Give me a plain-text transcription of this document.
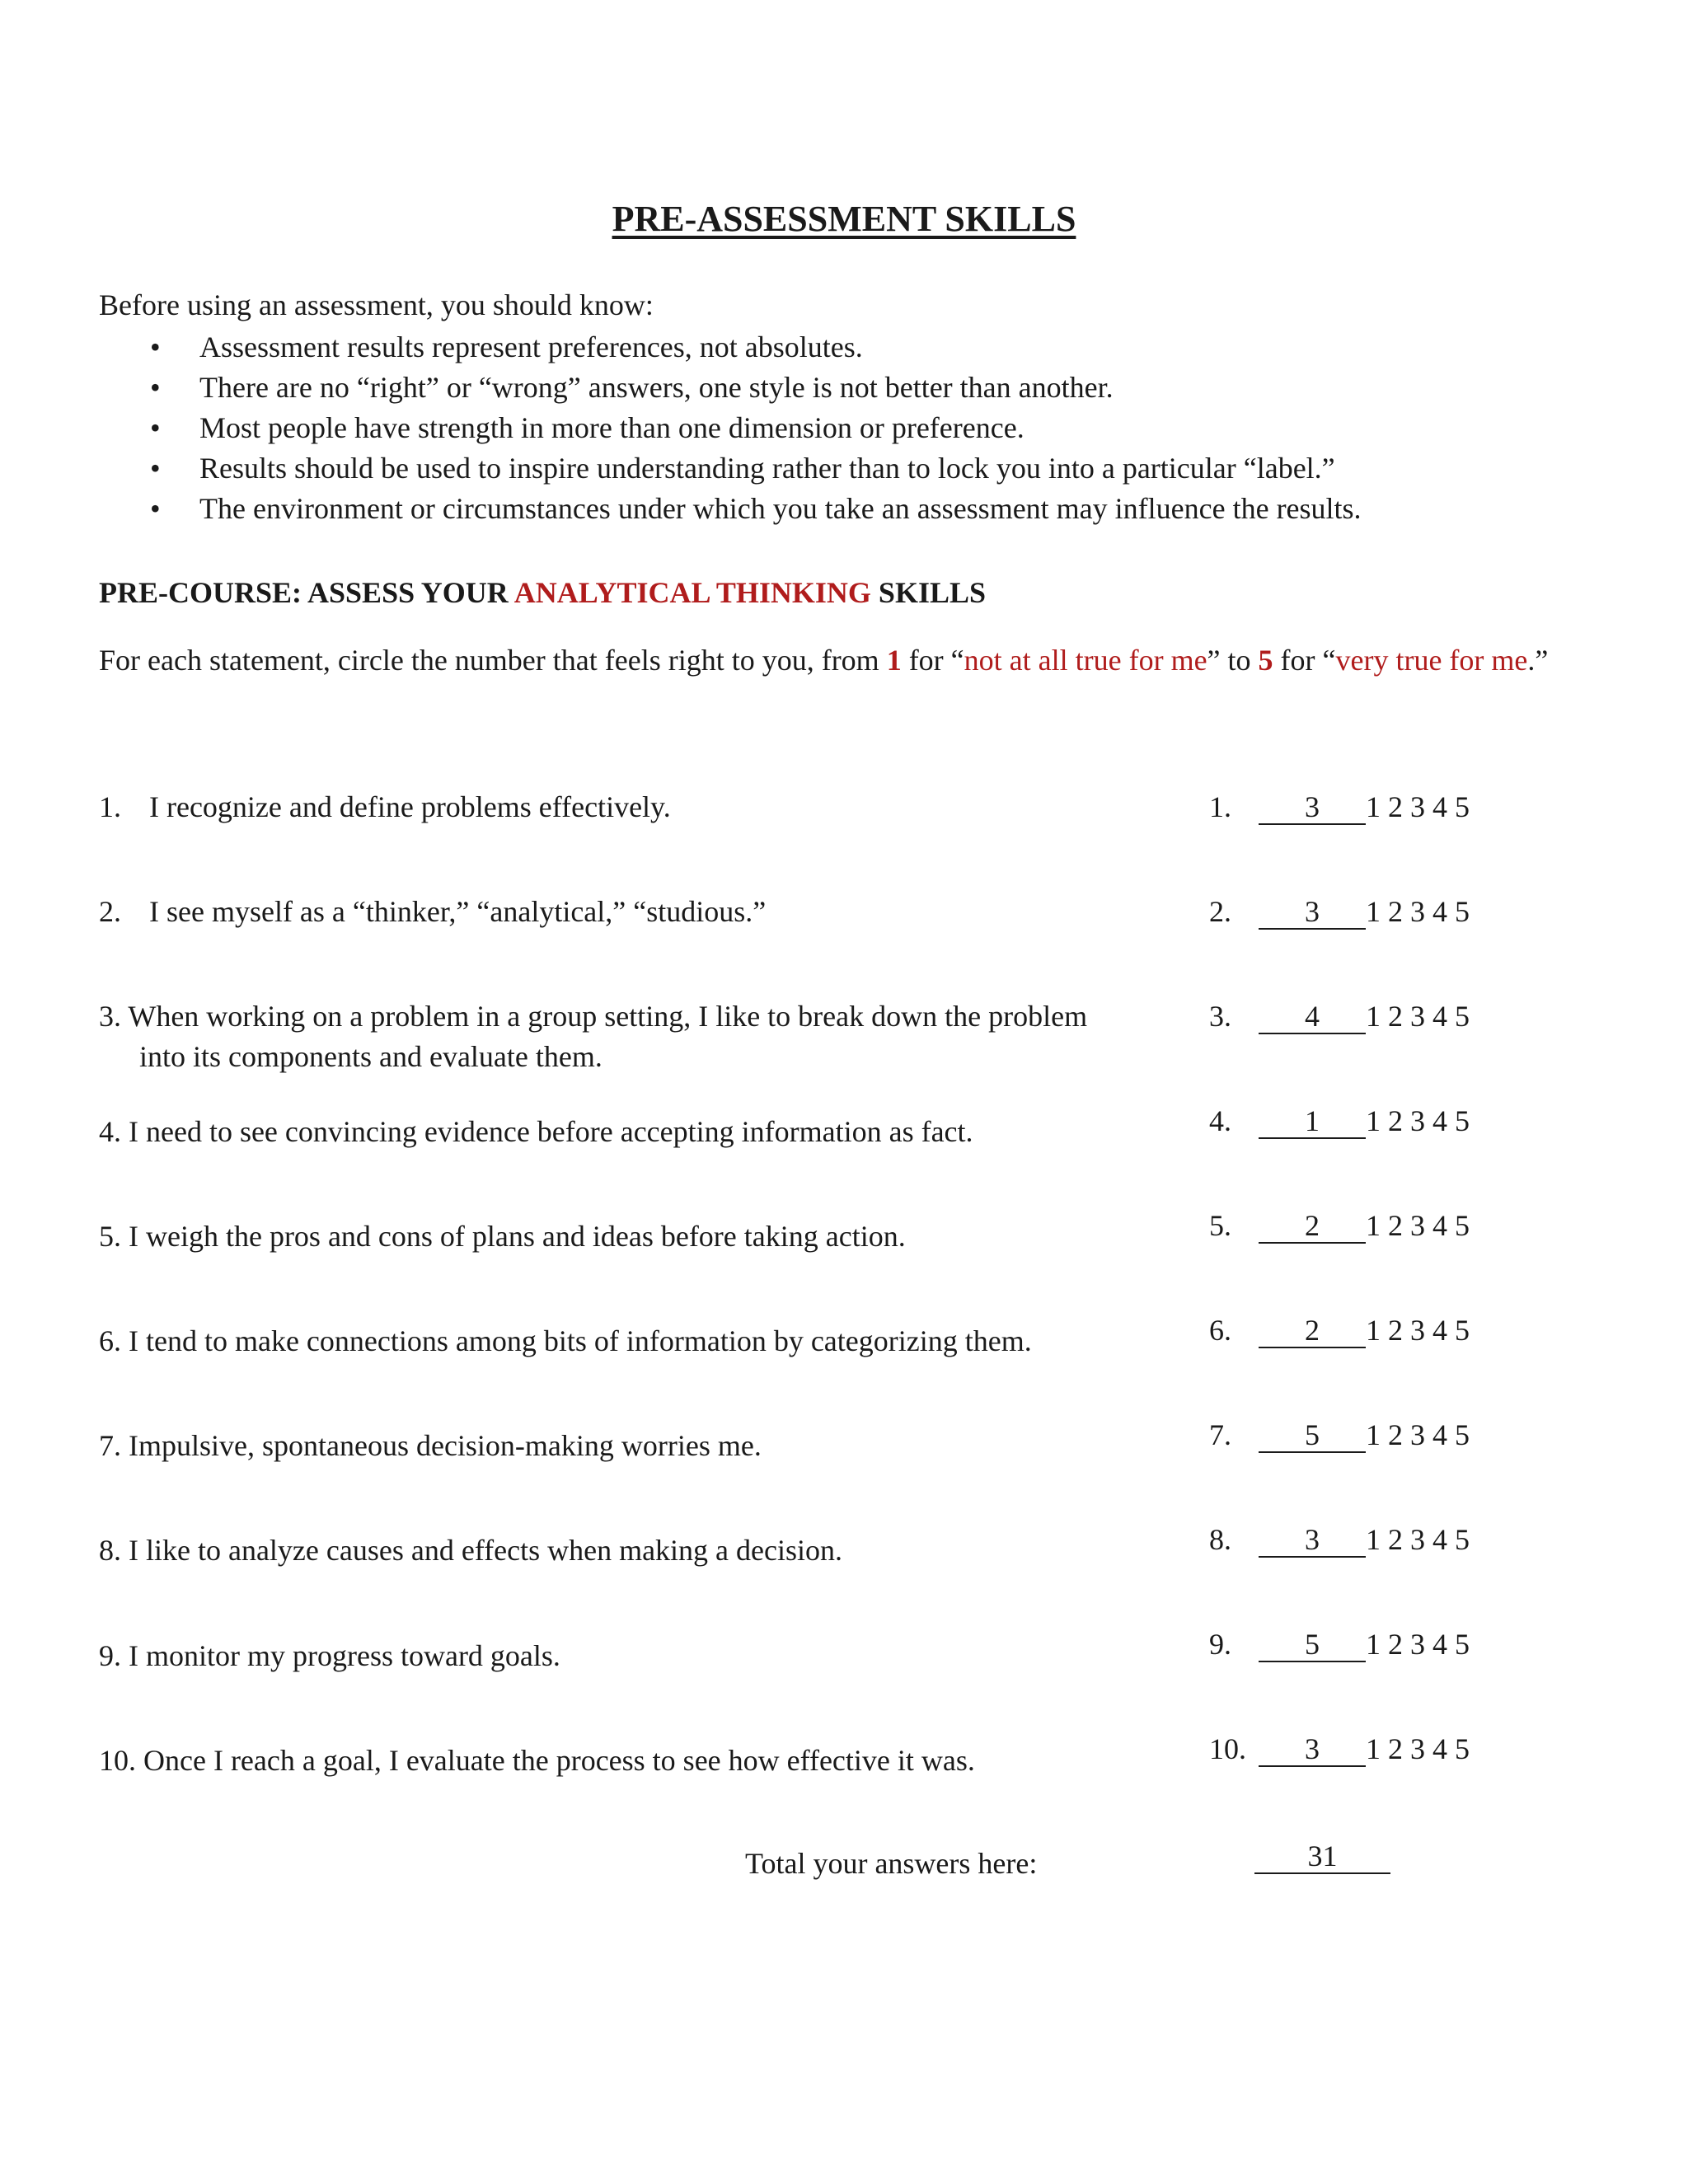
PRE-ASSESSMENT SKILLS
Before using an assessment, you should know:
• Assessment results represent preferences, not absolutes.
• There are no “right” or “wrong” answers, one style is not better than another.
• Most people have strength in more than one dimension or preference.
• Results should be used to inspire understanding rather than to lock you into a particular “label.”
• The environment or circumstances under which you take an assessment may influence the results.
PRE-COURSE: ASSESS YOUR ANALYTICAL THINKING SKILLS
For each statement, circle the number that feels right to you, from 1 for “not at all true for me” to 5 for “very true for me.”
1. I recognize and define problems effectively.
2. I see myself as a “thinker,” “analytical,” “studious.”
3. When working on a problem in a group setting, I like to break down the problem
into its components and evaluate them.
4. I need to see convincing evidence before accepting information as fact.
5. I weigh the pros and cons of plans and ideas before taking action.
6. I tend to make connections among bits of information by categorizing them.
7. Impulsive, spontaneous decision-making worries me.
8. I like to analyze causes and effects when making a decision.
9. I monitor my progress toward goals.
10. Once I reach a goal, I evaluate the process to see how effective it was.
1. 3 1 2 3 4 5
2. 3 1 2 3 4 5
3. 4 1 2 3 4 5
4. 1 1 2 3 4 5
5. 2 1 2 3 4 5
6. 2 1 2 3 4 5
7. 5 1 2 3 4 5
8. 3 1 2 3 4 5
9. 5 1 2 3 4 5
10. 3 1 2 3 4 5
Total your answers here:	31
